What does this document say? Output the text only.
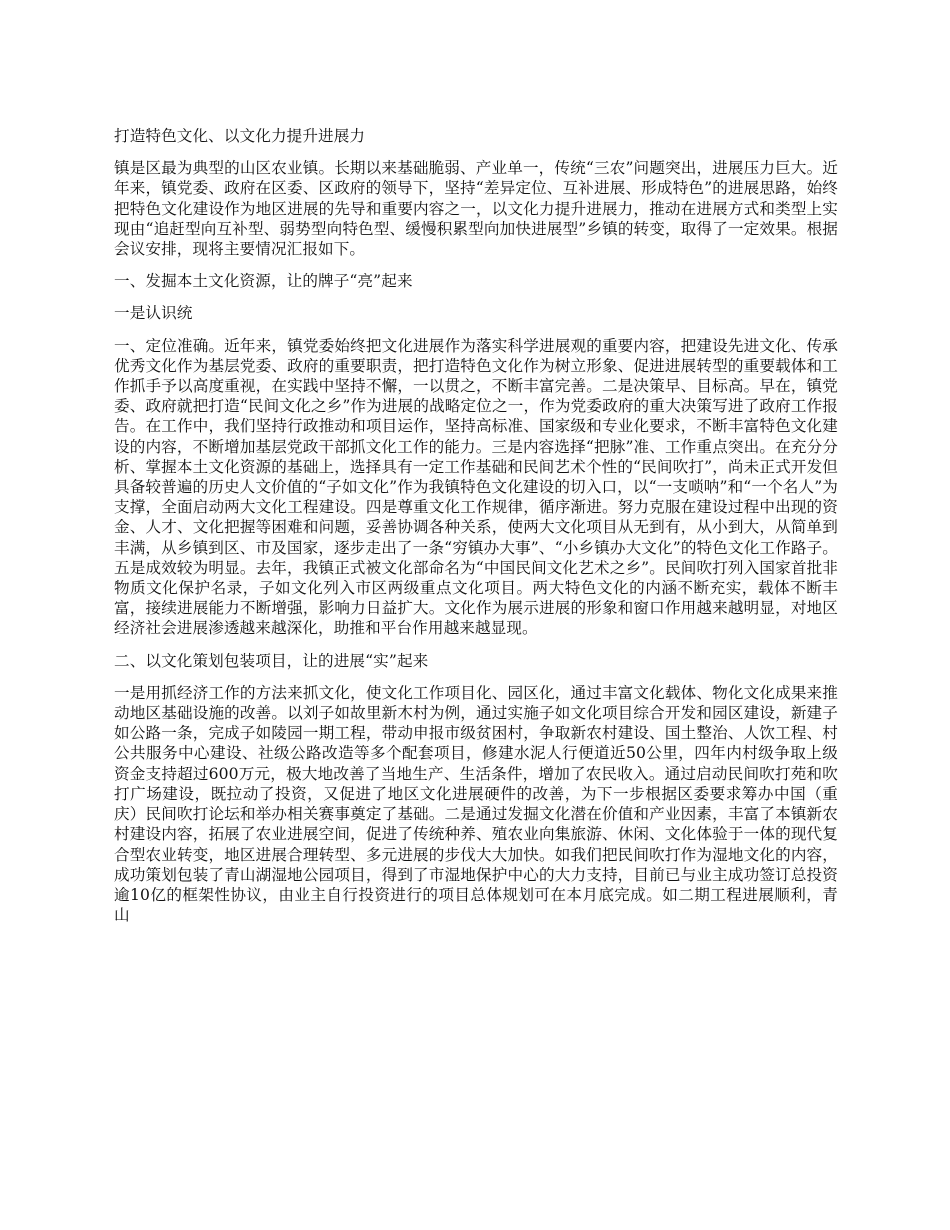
打造特色文化、以文化力提升进展力

镇是区最为典型的山区农业镇。长期以来基础脆弱、产业单一，传统“三农”问题突出，进展压力巨大。近年来，镇党委、政府在区委、区政府的领导下，坚持“差异定位、互补进展、形成特色”的进展思路，始终把特色文化建设作为地区进展的先导和重要内容之一，以文化力提升进展力，推动在进展方式和类型上实现由“追赶型向互补型、弱势型向特色型、缓慢积累型向加快进展型”乡镇的转变，取得了一定效果。根据会议安排，现将主要情况汇报如下。

一、发掘本土文化资源，让的牌子“亮”起来

一是认识统

一、定位准确。近年来，镇党委始终把文化进展作为落实科学进展观的重要内容，把建设先进文化、传承优秀文化作为基层党委、政府的重要职责，把打造特色文化作为树立形象、促进进展转型的重要载体和工作抓手予以高度重视，在实践中坚持不懈，一以贯之，不断丰富完善。二是决策早、目标高。早在，镇党委、政府就把打造“民间文化之乡”作为进展的战略定位之一，作为党委政府的重大决策写进了政府工作报告。在工作中，我们坚持行政推动和项目运作，坚持高标准、国家级和专业化要求，不断丰富特色文化建设的内容，不断增加基层党政干部抓文化工作的能力。三是内容选择“把脉”准、工作重点突出。在充分分析、掌握本土文化资源的基础上，选择具有一定工作基础和民间艺术个性的“民间吹打”，尚未正式开发但具备较普遍的历史人文价值的“子如文化”作为我镇特色文化建设的切入口，以“一支唢呐”和“一个名人”为支撑，全面启动两大文化工程建设。四是尊重文化工作规律，循序渐进。努力克服在建设过程中出现的资金、人才、文化把握等困难和问题，妥善协调各种关系，使两大文化项目从无到有，从小到大，从简单到丰满，从乡镇到区、市及国家，逐步走出了一条“穷镇办大事”、“小乡镇办大文化”的特色文化工作路子。五是成效较为明显。去年，我镇正式被文化部命名为“中国民间文化艺术之乡”。民间吹打列入国家首批非物质文化保护名录，子如文化列入市区两级重点文化项目。两大特色文化的内涵不断充实，载体不断丰富，接续进展能力不断增强，影响力日益扩大。文化作为展示进展的形象和窗口作用越来越明显，对地区经济社会进展渗透越来越深化，助推和平台作用越来越显现。

二、以文化策划包装项目，让的进展“实”起来

一是用抓经济工作的方法来抓文化，使文化工作项目化、园区化，通过丰富文化载体、物化文化成果来推动地区基础设施的改善。以刘子如故里新木村为例，通过实施子如文化项目综合开发和园区建设，新建子如公路一条，完成子如陵园一期工程，带动申报市级贫困村，争取新农村建设、国土整治、人饮工程、村公共服务中心建设、社级公路改造等多个配套项目，修建水泥人行便道近50公里，四年内村级争取上级资金支持超过600万元，极大地改善了当地生产、生活条件，增加了农民收入。通过启动民间吹打苑和吹打广场建设，既拉动了投资，又促进了地区文化进展硬件的改善，为下一步根据区委要求筹办中国（重庆）民间吹打论坛和举办相关赛事奠定了基础。二是通过发掘文化潜在价值和产业因素，丰富了本镇新农村建设内容，拓展了农业进展空间，促进了传统种养、殖农业向集旅游、休闲、文化体验于一体的现代复合型农业转变，地区进展合理转型、多元进展的步伐大大加快。如我们把民间吹打作为湿地文化的内容，成功策划包装了青山湖湿地公园项目，得到了市湿地保护中心的大力支持，目前已与业主成功签订总投资逾10亿的框架性协议，由业主自行投资进行的项目总体规划可在本月底完成。如二期工程进展顺利，青山
